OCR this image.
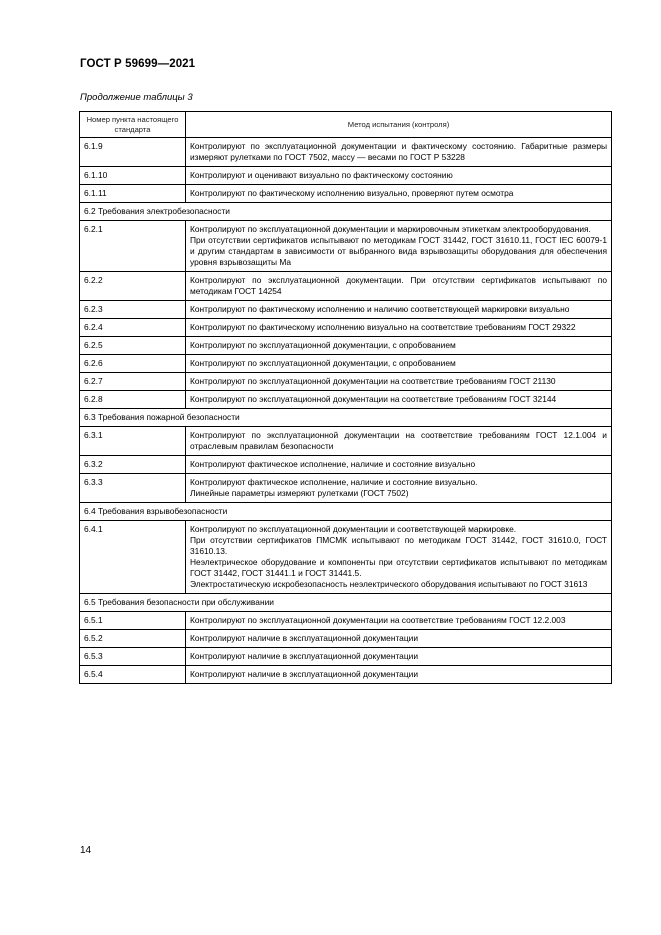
ГОСТ Р 59699—2021
Продолжение таблицы 3
Номер пункта настоящего стандарта	Метод испытания (контроля)
6.1.9	Контролируют по эксплуатационной документации и фактическому состоянию. Габаритные размеры измеряют рулетками по ГОСТ 7502, массу — весами по ГОСТ Р 53228
6.1.10	Контролируют и оценивают визуально по фактическому состоянию
6.1.11	Контролируют по фактическому исполнению визуально, проверяют путем осмотра
6.2 Требования электробезопасности	
6.2.1	Контролируют по эксплуатационной документации и маркировочным этикеткам электрооборудования.
При отсутствии сертификатов испытывают по методикам ГОСТ 31442, ГОСТ 31610.11, ГОСТ IEC 60079-1 и другим стандартам в зависимости от выбранного вида взрывозащиты оборудования для обеспечения уровня взрывозащиты Ma

6.2.2	Контролируют по эксплуатационной документации. При отсутствии сертификатов испытывают по методикам ГОСТ 14254
6.2.3	Контролируют по фактическому исполнению и наличию соответствующей маркировки визуально
6.2.4	Контролируют по фактическому исполнению визуально на соответствие требованиям ГОСТ 29322
6.2.5	Контролируют по эксплуатационной документации, с опробованием
6.2.6	Контролируют по эксплуатационной документации, с опробованием
6.2.7	Контролируют по эксплуатационной документации на соответствие требованиям ГОСТ 21130
6.2.8	Контролируют по эксплуатационной документации на соответствие требованиям ГОСТ 32144
6.3 Требования пожарной безопасности	
6.3.1	Контролируют по эксплуатационной документации на соответствие требованиям ГОСТ 12.1.004 и отраслевым правилам безопасности
6.3.2	Контролируют фактическое исполнение, наличие и состояние визуально
6.3.3	Контролируют фактическое исполнение, наличие и состояние визуально.
Линейные параметры измеряют рулетками (ГОСТ 7502)

6.4 Требования взрывобезопасности	
6.4.1	Контролируют по эксплуатационной документации и соответствующей маркировке.
При отсутствии сертификатов ПМСМК испытывают по методикам ГОСТ 31442, ГОСТ 31610.0, ГОСТ 31610.13.
Неэлектрическое оборудование и компоненты при отсутствии сертификатов испытывают по методикам ГОСТ 31442, ГОСТ 31441.1 и ГОСТ 31441.5.
Электростатическую искробезопасность неэлектрического оборудования испытывают по ГОСТ 31613

6.5 Требования безопасности при обслуживании	
6.5.1	Контролируют по эксплуатационной документации на соответствие требованиям ГОСТ 12.2.003
6.5.2	Контролируют наличие в эксплуатационной документации
6.5.3	Контролируют наличие в эксплуатационной документации
6.5.4	Контролируют наличие в эксплуатационной документации
14
